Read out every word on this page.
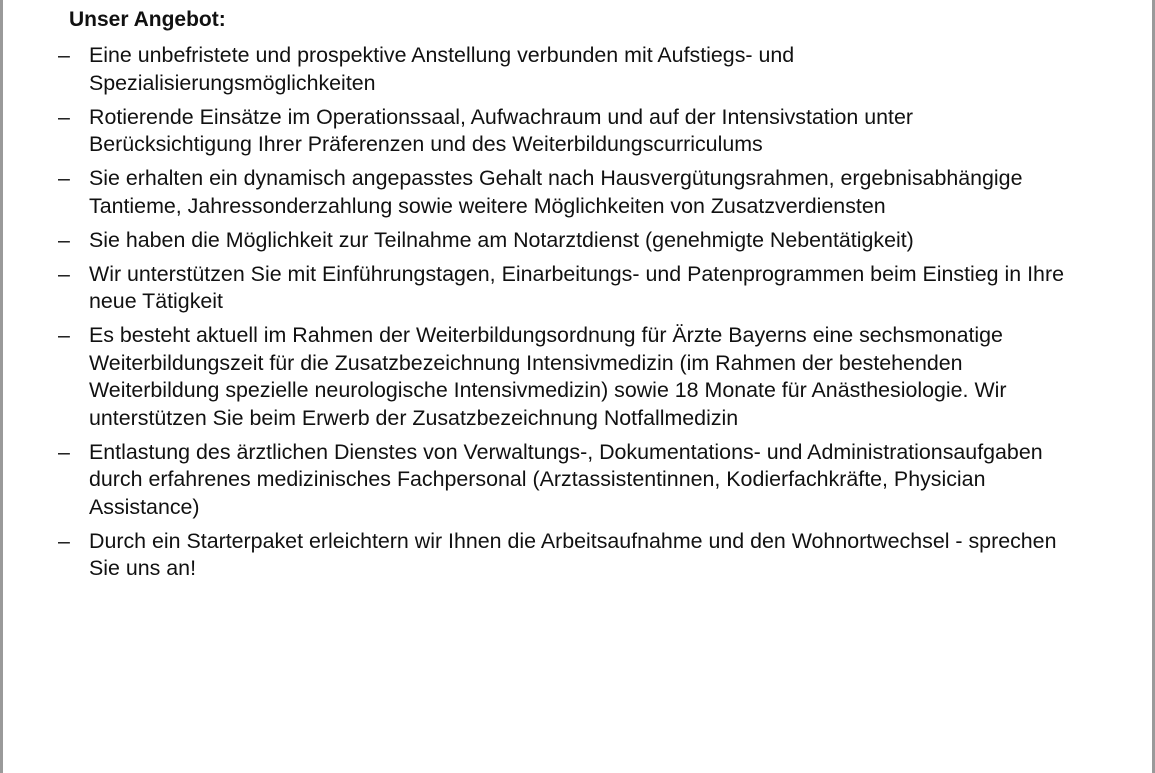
Unser Angebot:
– Eine unbefristete und prospektive Anstellung verbunden mit Aufstiegs- und Spezialisierungsmöglichkeiten
– Rotierende Einsätze im Operationssaal, Aufwachraum und auf der Intensivstation unter Berücksichtigung Ihrer Präferenzen und des Weiterbildungscurriculums
– Sie erhalten ein dynamisch angepasstes Gehalt nach Hausvergütungsrahmen, ergebnisabhängige Tantieme, Jahressonderzahlung sowie weitere Möglichkeiten von Zusatzverdiensten
– Sie haben die Möglichkeit zur Teilnahme am Notarztdienst (genehmigte Nebentätigkeit)
– Wir unterstützen Sie mit Einführungstagen, Einarbeitungs- und Patenprogrammen beim Einstieg in Ihre neue Tätigkeit
– Es besteht aktuell im Rahmen der Weiterbildungsordnung für Ärzte Bayerns eine sechsmonatige Weiterbildungszeit für die Zusatzbezeichnung Intensivmedizin (im Rahmen der bestehenden Weiterbildung spezielle neurologische Intensivmedizin) sowie 18 Monate für Anästhesiologie. Wir unterstützen Sie beim Erwerb der Zusatzbezeichnung Notfallmedizin
– Entlastung des ärztlichen Dienstes von Verwaltungs-, Dokumentations- und Administrationsaufgaben durch erfahrenes medizinisches Fachpersonal (Arztassistentinnen, Kodierfachkräfte, Physician Assistance)
– Durch ein Starterpaket erleichtern wir Ihnen die Arbeitsaufnahme und den Wohnortwechsel - sprechen Sie uns an!
